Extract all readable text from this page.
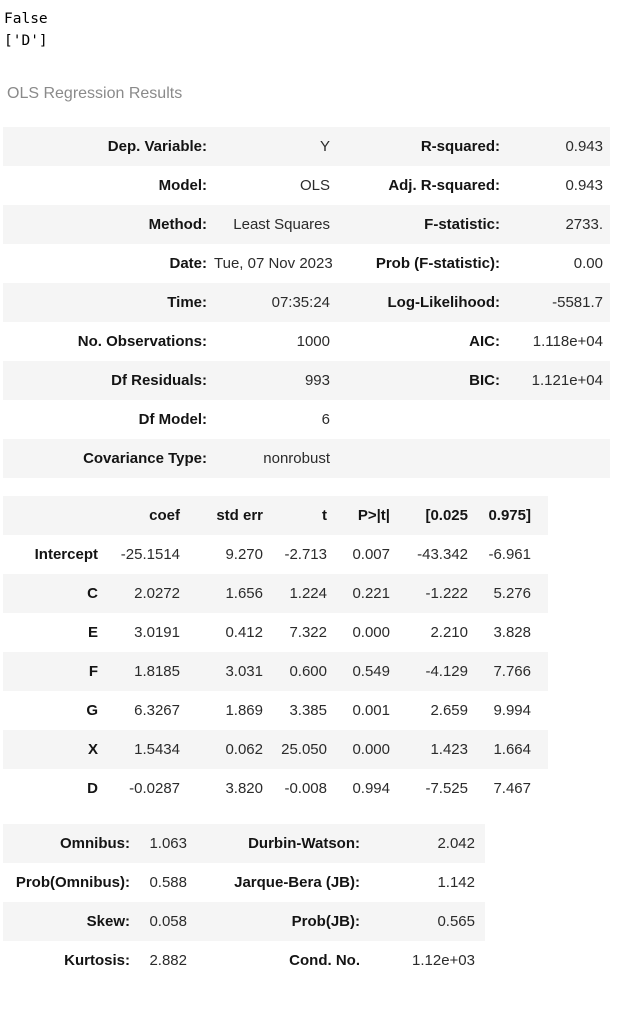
False
['D']
OLS Regression Results
Dep. Variable:	Y	R-squared:	0.943
Model:	OLS	Adj. R-squared:	0.943
Method:	Least Squares	F-statistic:	2733.
Date:	Tue, 07 Nov 2023	Prob (F-statistic):	0.00
Time:	07:35:24	Log-Likelihood:	-5581.7
No. Observations:	1000	AIC:	1.118e+04
Df Residuals:	993	BIC:	1.121e+04
Df Model:	6		
Covariance Type:	nonrobust		
	coef	std err	t	P>|t|	[0.025	0.975]
Intercept	-25.1514	9.270	-2.713	0.007	-43.342	-6.961
C	2.0272	1.656	1.224	0.221	-1.222	5.276
E	3.0191	0.412	7.322	0.000	2.210	3.828
F	1.8185	3.031	0.600	0.549	-4.129	7.766
G	6.3267	1.869	3.385	0.001	2.659	9.994
X	1.5434	0.062	25.050	0.000	1.423	1.664
D	-0.0287	3.820	-0.008	0.994	-7.525	7.467
Omnibus:	1.063	Durbin-Watson:	2.042
Prob(Omnibus):	0.588	Jarque-Bera (JB):	1.142
Skew:	0.058	Prob(JB):	0.565
Kurtosis:	2.882	Cond. No.	1.12e+03
